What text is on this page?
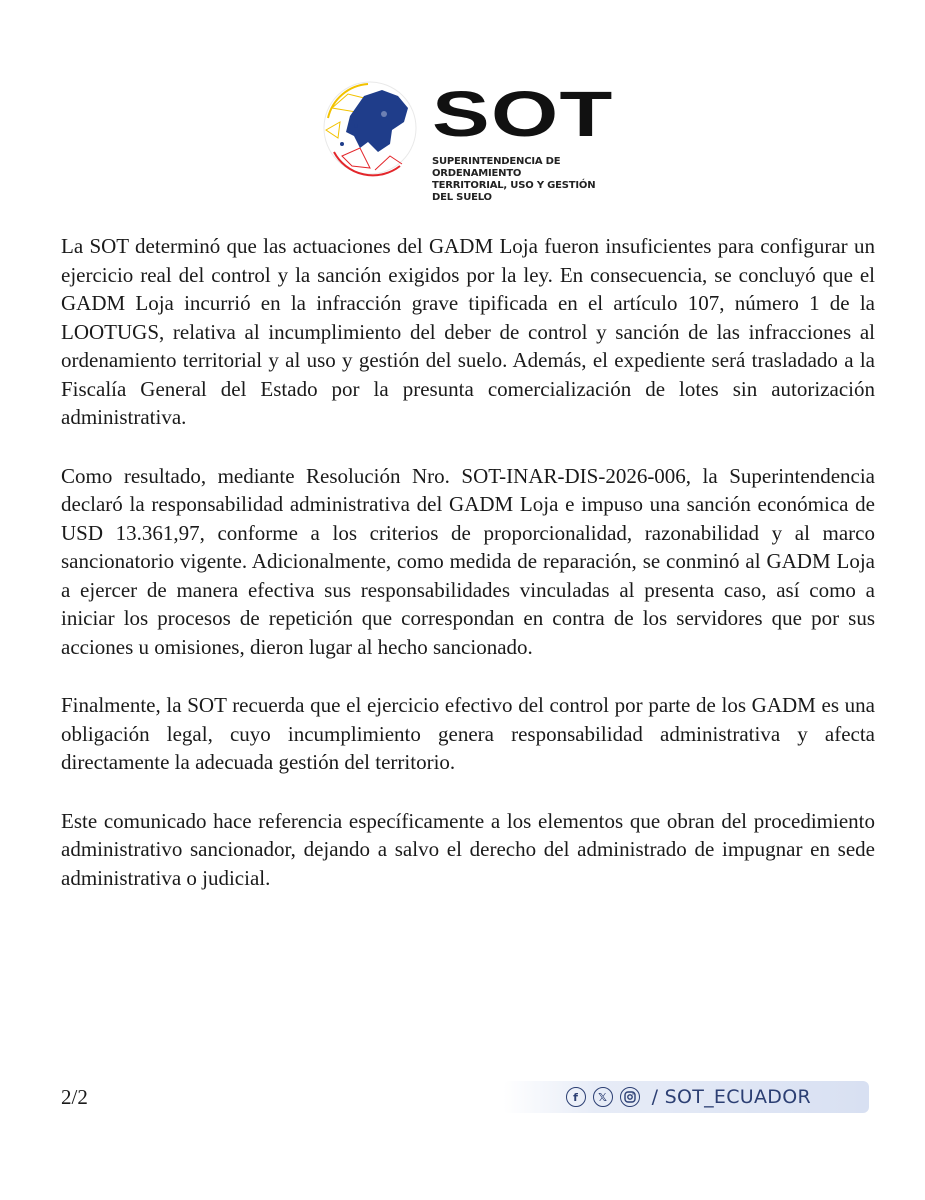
SOT
SUPERINTENDENCIA DE ORDENAMIENTO
TERRITORIAL, USO Y GESTIÓN DEL SUELO

La SOT determinó que las actuaciones del GADM Loja fueron insuficientes para configurar un ejercicio real del control y la sanción exigidos por la ley. En consecuencia, se concluyó que el GADM Loja incurrió en la infracción grave tipificada en el artículo 107, número 1 de la LOOTUGS, relativa al incumplimiento del deber de control y sanción de las infracciones al ordenamiento territorial y al uso y gestión del suelo. Además, el expediente será trasladado a la Fiscalía General del Estado por la presunta comercialización de lotes sin autorización administrativa.

Como resultado, mediante Resolución Nro. SOT-INAR-DIS-2026-006, la Superintendencia declaró la responsabilidad administrativa del GADM Loja e impuso una sanción económica de USD 13.361,97, conforme a los criterios de proporcionalidad, razonabilidad y al marco sancionatorio vigente. Adicionalmente, como medida de reparación, se conminó al GADM Loja a ejercer de manera efectiva sus responsabilidades vinculadas al presenta caso, así como a iniciar los procesos de repetición que correspondan en contra de los servidores que por sus acciones u omisiones, dieron lugar al hecho sancionado.

Finalmente, la SOT recuerda que el ejercicio efectivo del control por parte de los GADM es una obligación legal, cuyo incumplimiento genera responsabilidad administrativa y afecta directamente la adecuada gestión del territorio.

Este comunicado hace referencia específicamente a los elementos que obran del procedimiento administrativo sancionador, dejando a salvo el derecho del administrado de impugnar en sede administrativa o judicial.

2/2	f	𝕏 / SOT_ECUADOR
